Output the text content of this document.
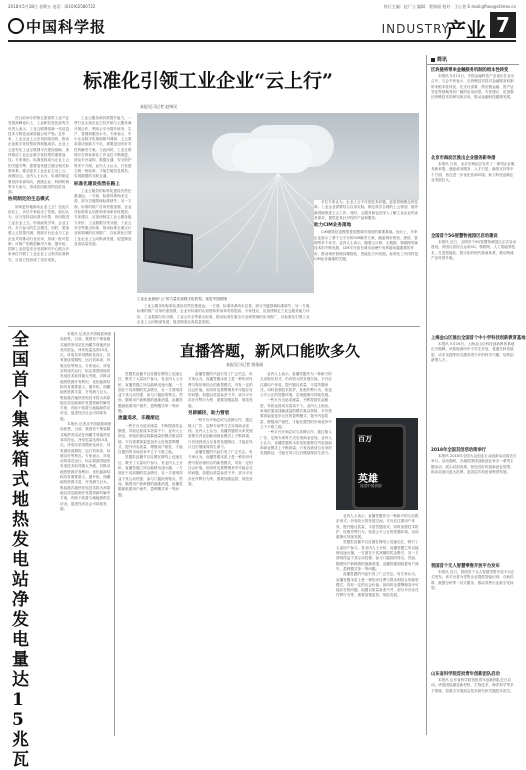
2018年5月18日 星期五 电话：(010)62580722	执行主编：赵广立 编辑：贾保丽 校对：王心怡 E-mail:gfhao@stimes.cn
中国科学报	INDUSTRY
产业 7
标准化引领工业企业“云上行”
本报见习记者 赵帅民

在日前举办的第五届宽带工业产业发展高峰论坛上，工业和信息化部有关负责人表示，工业互联网是新一代信息技术与制造业深度融合的产物。近年来，工业企业上云步伐持续加快，推动企业数字化转型取得积极成效。企业上云是夯实工业互联网平台建设基础、加快推动工业企业数字化转型的重要途径。专家指出，标准化将成为企业上云的关键引擎，需要加快建立健全相关标准体系，推动更多工业企业主动上云、深度用云。业内人士认为，标准的制定要坚持市场导向，鼓励企业、科研机构等多方参与，形成协同推进的良好局面。

协同制定的生态模式

如何更好地推动企业上云？在此次论坛上，多位专家给出了答案。他们认为，应当坚持以标准为引领，协同推进工业企业上云，形成政府引导、企业主体、多方参与的生态模式。同时，要加强上云效果评测，鼓励平台企业与工业企业共同推动行业应用，形成一批可复制、可推广的典型解决方案。据介绍，国家工业信息安全发展研究中心联合多家单位开展了工业企业上云相关标准研究，目前已经形成了初步成果。

工业云服务商仍需提升能力，一些行业头部企业已经开始与云服务商开展合作，利用云平台提升研发、生产、管理和服务水平。专家表示，中小企业数字化基础相对薄弱，上云需求迫切但能力不足，需要更加有针对性的解决方案。与此同时，工业互联网平台的标准化工作也在不断推进，涉及平台架构、数据互通、安全防护等多个方面。业内人士认为，只有建立统一的标准，才能打破信息孤岛，实现数据的互联互通。

标准化建设依然在路上

工业云服务的标准化建设仍然任重道远。一方面，标准体系尚未完善，部分关键领域标准缺失；另一方面，标准的推广应用仍需加强，企业对标准的认知度和采用率有待提高。专家建议，应加快制定工业云服务能力评价、工业数据分类分级、工业云安全等重点标准，推动标准在重点行业和领域的应用推广，以标准化引领工业企业上云向纵深发展，促进制造业高质量发展。

工业企业借助“云”的力量实现数字化转型。视觉中国供图

多位专家认为，企业上云不仅是技术问题，更是管理理念的变革。工业企业需要结合自身实际，制定科学合理的上云规划，循序渐进地推进上云工作。同时，云服务商也应深入了解工业企业的业务需求，提供更具针对性的产品和服务。

助力CIM业务落地

CIM建筑信息模型是智慧城市建设的重要基础。论坛上，多家企业展示了基于云平台的CIM解决方案，涵盖城市规划、建设、管理等多个环节。业内人士表示，随着云计算、大数据、物联网等新技术的不断发展，CIM平台将在城市治理中发挥越来越重要的作用，推动城市管理向精细化、智能化方向发展。标准化工作同样是CIM业务落地的关键。

工业云服务的标准化建设仍然任重道远。一方面，标准体系尚未完善，部分关键领域标准缺失；另一方面，标准的推广应用仍需加强，企业对标准的认知度和采用率有待提高。专家建议，应加快制定工业云服务能力评价、工业数据分类分级、工业云安全等重点标准，推动标准在重点行业和领域的应用推广，以标准化引领工业企业上云向纵深发展，促进制造业高质量发展。

简讯
区块链将带来金融服务机制的根本性转变

本报讯 5月15日，中国金融科技产业论坛在北京召开。与会专家表示，区块链技术将对金融服务机制带来根本性转变，在支付清算、供应链金融、资产证券化等领域具有广阔的应用前景。专家建议，应加强区块链技术的研究和应用，推动金融科技健康发展。

北京市海淀区推出企业服务新举措

本报讯 日前，北京市海淀区发布了一系列企业服务新举措，涵盖政务服务、人才引进、融资支持等多个方面，旨在进一步优化营商环境，助力科技创新企业发展壮大。

全国首个5G智慧物流园区启动建设

本报讯 近日，全国首个5G智慧物流园区正式启动建设。该园区将综合运用5G、物联网、人工智能等技术，打造智能化、数字化的现代物流体系，推动物流产业转型升级。

上海金山区推出全国首个中小学科技创新教育基地

本报讯 5月16日，上海金山区科技创新教育基地正式揭牌。该基地面向中小学生开放，将通过科普展览、动手实践等形式激发青少年的科学兴趣，培养创新型人才。

2018年全国双创活动周举行

本报讯 2018年全国大众创业万众创新活动周近日举行。活动期间，各地将围绕创新创业举办一系列主题活动，展示双创成果，营造良好的创新创业氛围，推动双创向更大范围、更高层次和更深程度发展。

我国首个无人智慧零售开放平台发布

本报讯 近日，我国首个无人智慧零售开放平台正式发布。该平台将为零售企业提供智能识别、自助结算、数据分析等一站式服务，推动零售行业数字化转型。

山东省科学院首批青年创新团队启动

本报讯 山东省科学院首批青年创新团队近日启动。该批团队涵盖新材料、生物技术、海洋科学等多个领域，将重点开展前沿技术研究和关键技术攻关。

全国首个集装箱式地热发电站净发电量达15兆瓦

本报讯 记者从中国地质调查局获悉，日前，我国首个集装箱式地热发电站在西藏羊易地热田成功投运，净发电量达到15兆瓦。该电站采用模块化设计，具有建设周期短、运行效率高、环境友好等特点。专家表示，该电站的成功运行，标志着我国地热发电技术取得重大突破，对推动地热资源开发利用、优化能源结构具有重要意义。据介绍，西藏地热资源丰富，开发潜力巨大。集装箱式地热发电技术将为高原地区清洁能源开发提供新的解决方案，有助于改善当地能源供应状况，促进经济社会可持续发展。

本报讯 记者从中国地质调查局获悉，日前，我国首个集装箱式地热发电站在西藏羊易地热田成功投运，净发电量达到15兆瓦。该电站采用模块化设计，具有建设周期短、运行效率高、环境友好等特点。专家表示，该电站的成功运行，标志着我国地热发电技术取得重大突破，对推动地热资源开发利用、优化能源结构具有重要意义。据介绍，西藏地热资源丰富，开发潜力巨大。集装箱式地热发电技术将为高原地区清洁能源开发提供新的解决方案，有助于改善当地能源供应状况，促进经济社会可持续发展。

直播答题，新风口能吹多久
本报见习记者 贾保丽

答题类直播节目近期在网络上迅速走红，吸引了大量用户参与。有业内人士分析，直播答题之所以能够迅速火爆，一方面在于其高额的奖金吸引，另一方面则得益于其互动性强、参与门槛低的特点。然而，随着用户新鲜感的逐渐消退，直播答题面临着用户流失、盈利模式单一等问题。

流量追求，乐趣渐远

一些平台为追求流量，不断提高奖金额度，导致运营成本居高不下。业内人士指出，单纯依靠烧钱换流量的模式难以持续，平台需要探索更加多元化的盈利模式，提升内容质量，增强用户黏性，才能在激烈的市场竞争中立于不败之地。

答题类直播节目近期在网络上迅速走红，吸引了大量用户参与。有业内人士分析，直播答题之所以能够迅速火爆，一方面在于其高额的奖金吸引，另一方面则得益于其互动性强、参与门槛低的特点。然而，随着用户新鲜感的逐渐消退，直播答题面临着用户流失、盈利模式单一等问题。

直播答题的兴起引发了广泛关注。有专家认为，直播答题本质上是一种知识付费与娱乐相结合的新型模式，具有一定的社会价值。但同时也要警惕其中可能存在的问题，如题目质量参差不齐、部分平台存在作弊行为等，需要加强监管，规范发展。

另辟蹊径，助力营收

一些平台开始尝试与品牌合作，通过植入广告、定制专场等方式实现商业变现。业内人士认为，直播答题的未来发展需要在内容创新和商业模式上不断探索，只有找到适合自身的发展路径，才能在风口过后继续保持生命力。

直播答题的兴起引发了广泛关注。有专家认为，直播答题本质上是一种知识付费与娱乐相结合的新型模式，具有一定的社会价值。但同时也要警惕其中可能存在的问题，如题目质量参差不齐、部分平台存在作弊行为等，需要加强监管，规范发展。

业内人士表示，直播答题作为一种新兴的互动娱乐形式，仍有较大的发展空间。平台应注重用户体验，提升题目质量，丰富答题形式，同时加强技术防护，杜绝作弊行为，营造公平公正的答题环境，实现健康可持续发展。

一些平台为追求流量，不断提高奖金额度，导致运营成本居高不下。业内人士指出，单纯依靠烧钱换流量的模式难以持续，平台需要探索更加多元化的盈利模式，提升内容质量，增强用户黏性，才能在激烈的市场竞争中立于不败之地。

一些平台开始尝试与品牌合作，通过植入广告、定制专场等方式实现商业变现。业内人士认为，直播答题的未来发展需要在内容创新和商业模式上不断探索，只有找到适合自身的发展路径，才能在风口过后继续保持生命力。

百万
英雄
视觉中国供图

业内人士表示，直播答题作为一种新兴的互动娱乐形式，仍有较大的发展空间。平台应注重用户体验，提升题目质量，丰富答题形式，同时加强技术防护，杜绝作弊行为，营造公平公正的答题环境，实现健康可持续发展。

答题类直播节目近期在网络上迅速走红，吸引了大量用户参与。有业内人士分析，直播答题之所以能够迅速火爆，一方面在于其高额的奖金吸引，另一方面则得益于其互动性强、参与门槛低的特点。然而，随着用户新鲜感的逐渐消退，直播答题面临着用户流失、盈利模式单一等问题。

直播答题的兴起引发了广泛关注。有专家认为，直播答题本质上是一种知识付费与娱乐相结合的新型模式，具有一定的社会价值。但同时也要警惕其中可能存在的问题，如题目质量参差不齐、部分平台存在作弊行为等，需要加强监管，规范发展。
